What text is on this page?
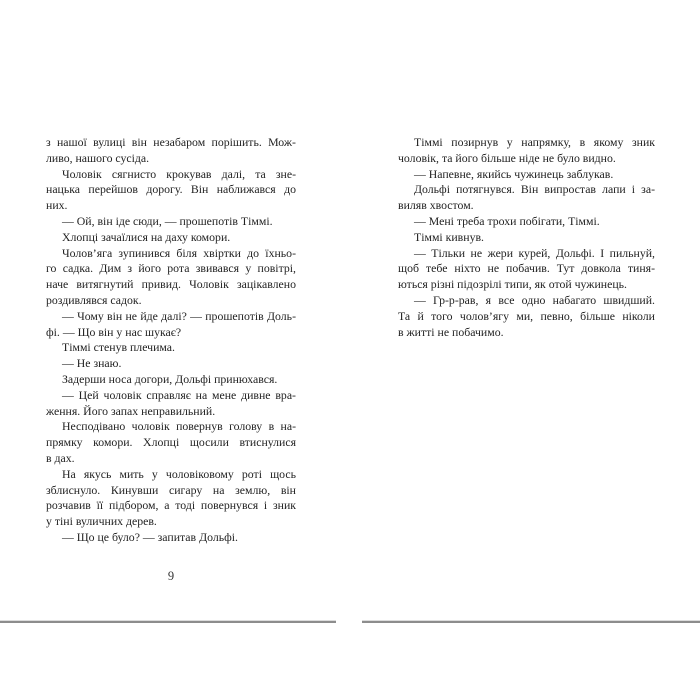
з нашої вулиці він незабаром порішить. Мож-
ливо, нашого сусіда.
Чоловік сягнисто крокував далі, та зне-
нацька перейшов дорогу. Він наближався до
них.
— Ой, він іде сюди, — прошепотів Тіммі.
Хлопці зачаїлися на даху комори.
Чолов’яга зупинився біля хвіртки до їхньо-
го садка. Дим з його рота звивався у повітрі,
наче витягнутий привид. Чоловік зацікавлено
роздивлявся садок.
— Чому він не йде далі? — прошепотів Доль-
фі. — Що він у нас шукає?
Тіммі стенув плечима.
— Не знаю.
Задерши носа догори, Дольфі принюхався.
— Цей чоловік справляє на мене дивне вра-
ження. Його запах неправильний.
Несподівано чоловік повернув голову в на-
прямку комори. Хлопці щосили втиснулися
в дах.
На якусь мить у чоловіковому роті щось
зблиснуло. Кинувши сигару на землю, він
розчавив її підбором, а тоді повернувся і зник
у тіні вуличних дерев.
— Що це було? — запитав Дольфі.
Тіммі позирнув у напрямку, в якому зник
чоловік, та його більше ніде не було видно.
— Напевне, якийсь чужинець заблукав.
Дольфі потягнувся. Він випростав лапи і за-
виляв хвостом.
— Мені треба трохи побігати, Тіммі.
Тіммі кивнув.
— Тільки не жери курей, Дольфі. І пильнуй,
щоб тебе ніхто не побачив. Тут довкола тиня-
ються різні підозрілі типи, як отой чужинець.
— Гр-р-рав, я все одно набагато швидший.
Та й того чолов’ягу ми, певно, більше ніколи
в житті не побачимо.
9
